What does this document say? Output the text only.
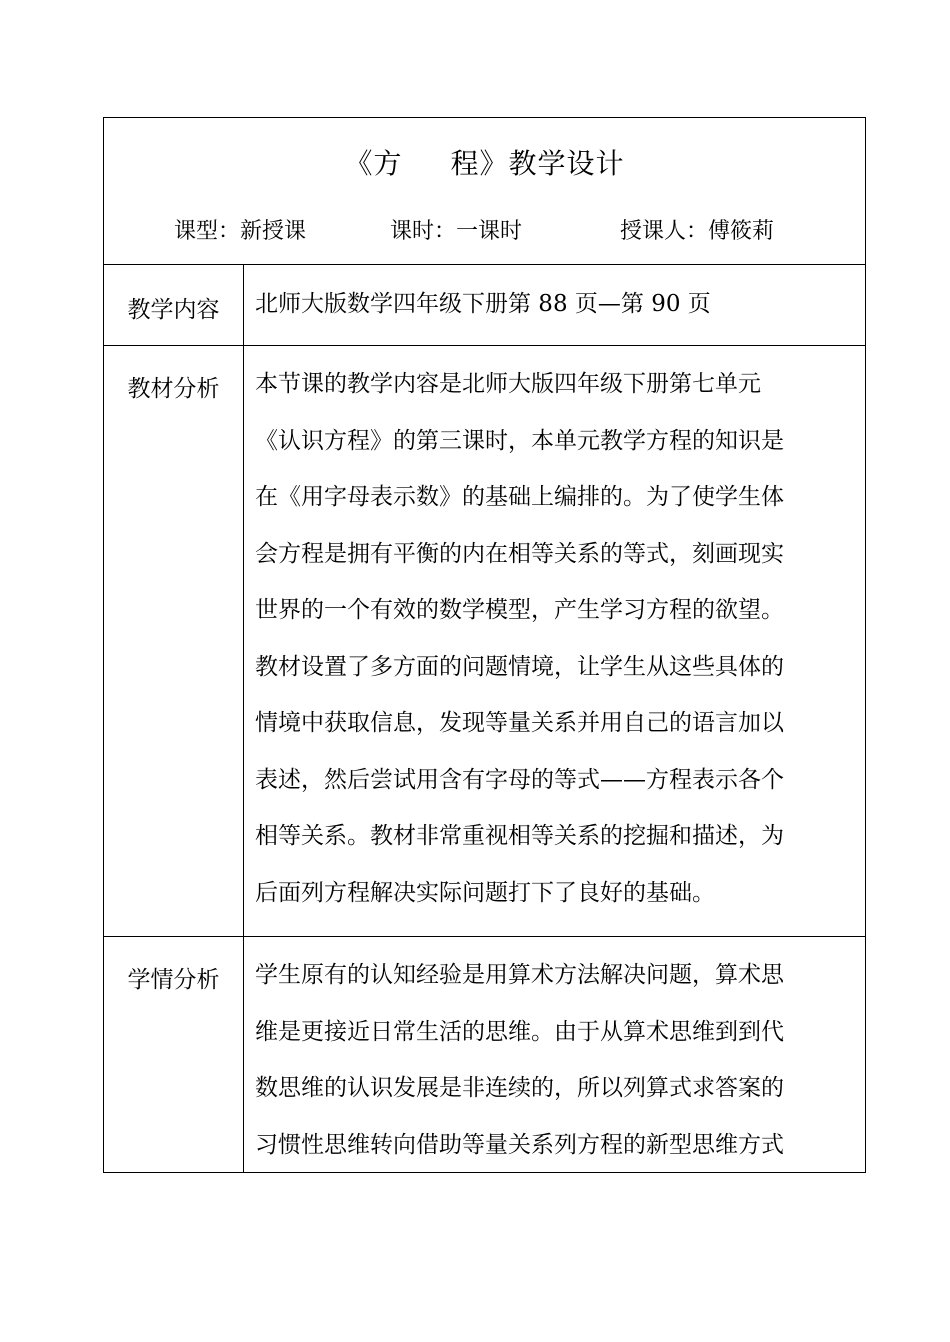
《方 程》教学设计
课型：新授课	课时：一课时	授课人：傅筱莉
教学内容	北师大版数学四年级下册第 88 页—第 90 页
教材分析	本节课的教学内容是北师大版四年级下册第七单元
《认识方程》的第三课时，本单元教学方程的知识是
在《用字母表示数》的基础上编排的。为了使学生体
会方程是拥有平衡的内在相等关系的等式，刻画现实
世界的一个有效的数学模型，产生学习方程的欲望。
教材设置了多方面的问题情境，让学生从这些具体的
情境中获取信息，发现等量关系并用自己的语言加以
表述，然后尝试用含有字母的等式——方程表示各个
相等关系。教材非常重视相等关系的挖掘和描述，为
后面列方程解决实际问题打下了良好的基础。
学情分析	学生原有的认知经验是用算术方法解决问题，算术思
维是更接近日常生活的思维。由于从算术思维到到代
数思维的认识发展是非连续的，所以列算式求答案的
习惯性思维转向借助等量关系列方程的新型思维方式
